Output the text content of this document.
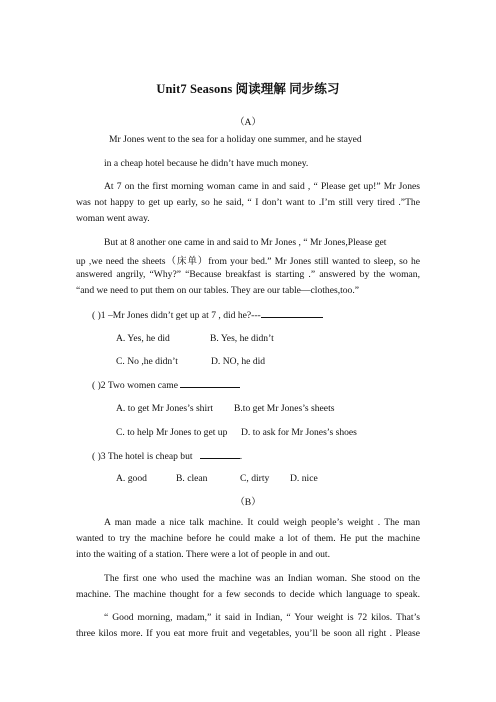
Unit7 Seasons 阅读理解 同步练习
（A）
Mr Jones went to the sea for a holiday one summer, and he stayed
in a cheap hotel because he didn’t have much money.
At 7 on the first morning woman came in and said , “ Please get up!” Mr Jones
was not happy to get up early, so he said, “ I don’t want to .I’m still very tired .”The
woman went away.
But at 8 another one came in and said to Mr Jones , “ Mr Jones,Please get
up ,we need the sheets（床单）from your bed.” Mr Jones still wanted to sleep, so he
answered angrily, “Why?” “Because breakfast is starting .” answered by the woman,
“and we need to put them on our tables. They are our table—clothes,too.”
( )1 –Mr Jones didn’t get up at 7 , did he?---
A. Yes, he did	B. Yes, he didn’t
C. No ,he didn’t	D. NO, he did
( )2 Two women came
A. to get Mr Jones’s shirt B.to get Mr Jones’s sheets
C. to help Mr Jones to get up D. to ask for Mr Jones’s shoes
( )3 The hotel is cheap but	.
A. good	B. clean	C, dirty D. nice
（B）
A man made a nice talk machine. It could weigh people’s weight . The man
wanted to try the machine before he could make a lot of them. He put the machine
into the waiting of a station. There were a lot of people in and out.
The first one who used the machine was an Indian woman. She stood on the
machine. The machine thought for a few seconds to decide which language to speak.
“ Good morning, madam,” it said in Indian, “ Your weight is 72 kilos. That’s
three kilos more. If you eat more fruit and vegetables, you’ll be soon all right . Please
